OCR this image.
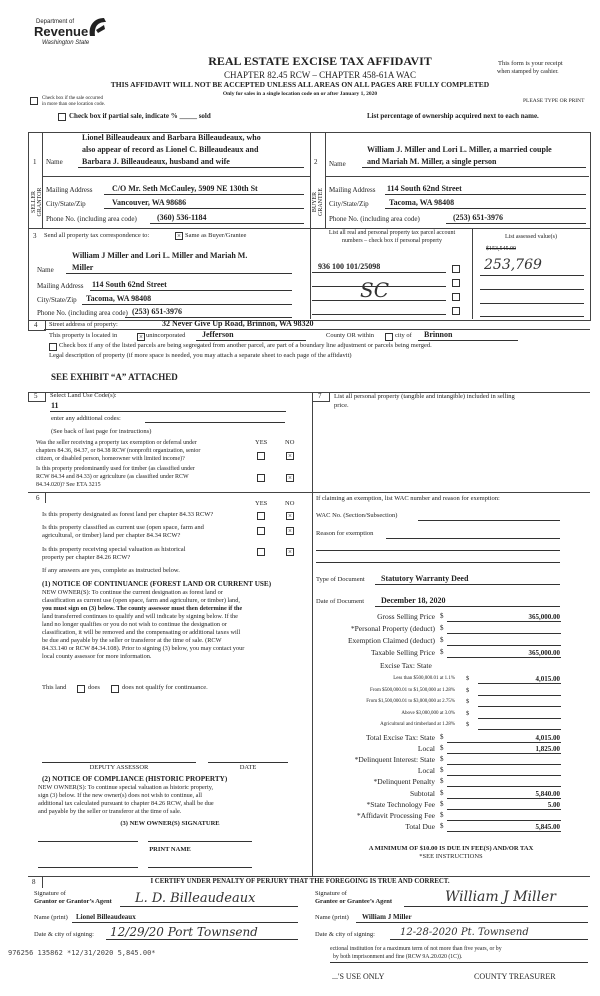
Department of
Revenue
Washington State
REAL ESTATE EXCISE TAX AFFIDAVIT
CHAPTER 82.45 RCW – CHAPTER 458-61A WAC
THIS AFFIDAVIT WILL NOT BE ACCEPTED UNLESS ALL AREAS ON ALL PAGES ARE FULLY COMPLETED
Only for sales in a single location code on or after January 1, 2020
This form is your receipt
when stamped by cashier.
Check box if the sale occurred
in more than one location code.
PLEASE TYPE OR PRINT
Check box if partial sale, indicate % _____ sold	List percentage of ownership acquired next to each name.
1
SELLER
GRANTOR
Name
Lionel Billeaudeaux and Barbara Billeaudeaux, who
also appear of record as Lionel C. Billeaudeaux and
Barbara J. Billeaudeaux, husband and wife
Mailing Address C/O Mr. Seth McCauley, 5909 NE 130th St
City/State/Zip	Vancouver, WA 98686
Phone No. (including area code)	(360) 536-1184
2
BUYER
GRANTEE
Name
William J. Miller and Lori L. Miller, a married couple
and Mariah M. Miller, a single person
Mailing Address 114 South 62nd Street
City/State/Zip	Tacoma, WA 98408
Phone No. (including area code)	(253) 651-3976
3 Send all property tax correspondence to: ×	Same as Buyer/Grantee
Name
William J Miller and Lori L. Miller and Mariah M.
Miller
Mailing Address 114 South 62nd Street
City/State/Zip Tacoma, WA 98408
Phone No. (including area code) (253) 651-3976
List all real and personal property tax parcel account
numbers – check box if personal property
List assessed value(s)
936 100 101/25098
SC
$153,545.00
253,769
4 Street address of property:	32 Never Give Up Road, Brinnon, WA 98320
This property is located in ×	unincorporated Jefferson	County OR within	city of Brinnon
Check box if any of the listed parcels are being segregated from another parcel, are part of a boundary line adjustment or parcels being merged.
Legal description of property (if more space is needed, you may attach a separate sheet to each page of the affidavit)
SEE EXHIBIT “A” ATTACHED
5 Select Land Use Code(s):
11
enter any additional codes:
(See back of last page for instructions)
YES	NO
Was the seller receiving a property tax exemption or deferral under
chapters 84.36, 84.37, or 84.38 RCW (nonprofit organization, senior
citizen, or disabled person, homeowner with limited income)?
×
Is this property predominantly used for timber (as classified under
RCW 84.34 and 84.33) or agriculture (as classified under RCW
84.34.020)? See ETA 3215
×
6
YES	NO
Is this property designated as forest land per chapter 84.33 RCW?
×
Is this property classified as current use (open space, farm and
agricultural, or timber) land per chapter 84.34 RCW?
×
Is this property receiving special valuation as historical
property per chapter 84.26 RCW?
×
If any answers are yes, complete as instructed below.
(1) NOTICE OF CONTINUANCE (FOREST LAND OR CURRENT USE)
NEW OWNER(S): To continue the current designation as forest land or
classification as current use (open space, farm and agriculture, or timber) land,
you must sign on (3) below. The county assessor must then determine if the
land transferred continues to qualify and will indicate by signing below. If the
land no longer qualifies or you do not wish to continue the designation or
classification, it will be removed and the compensating or additional taxes will
be due and payable by the seller or transferor at the time of sale. (RCW
84.33.140 or RCW 84.34.108). Prior to signing (3) below, you may contact your
local county assessor for more information.
This land	does	does not qualify for continuance.
DEPUTY ASSESSOR	DATE
(2) NOTICE OF COMPLIANCE (HISTORIC PROPERTY)
NEW OWNER(S): To continue special valuation as historic property,
sign (3) below. If the new owner(s) does not wish to continue, all
additional tax calculated pursuant to chapter 84.26 RCW, shall be due
and payable by the seller or transferor at the time of sale.
(3) NEW OWNER(S) SIGNATURE
PRINT NAME
7 List all personal property (tangible and intangible) included in selling
price.
If claiming an exemption, list WAC number and reason for exemption:
WAC No. (Section/Subsection)
Reason for exemption
Type of Document Statutory Warranty Deed
Date of Document December 18, 2020
Gross Selling Price $	365,000.00
*Personal Property (deduct) $
Exemption Claimed (deduct) $
Taxable Selling Price $	365,000.00
Excise Tax: State
Less than $500,000.01 at 1.1% $	4,015.00
From $500,000.01 to $1,500,000 at 1.28% $
From $1,500,000.01 to $3,000,000 at 2.75% $
Above $3,000,000 at 3.0% $
Agricultural and timberland at 1.28% $
Total Excise Tax: State $	4,015.00
Local $	1,825.00
*Delinquent Interest: State $
Local $
*Delinquent Penalty $
Subtotal $	5,840.00
*State Technology Fee $	5.00
*Affidavit Processing Fee $
Total Due $	5,845.00
A MINIMUM OF $10.00 IS DUE IN FEE(S) AND/OR TAX
*SEE INSTRUCTIONS
8	I CERTIFY UNDER PENALTY OF PERJURY THAT THE FOREGOING IS TRUE AND CORRECT.
Signature of
Grantor or Grantor’s Agent L. D. Billeaudeaux
Name (print) Lionel Billeaudeaux
Date & city of signing: 12/29/20 Port Townsend
Signature of
Grantee or Grantee’s Agent	William J Miller
Name (print) William J Miller
Date & city of signing:	12-28-2020 Pt. Townsend
976256 135862 *12/31/2020 5,845.00*	ectional institution for a maximum term of not more than five years, or by
by both imprisonment and fine (RCW 9A.20.020 (1C)).
...'S USE ONLY	COUNTY TREASURER
